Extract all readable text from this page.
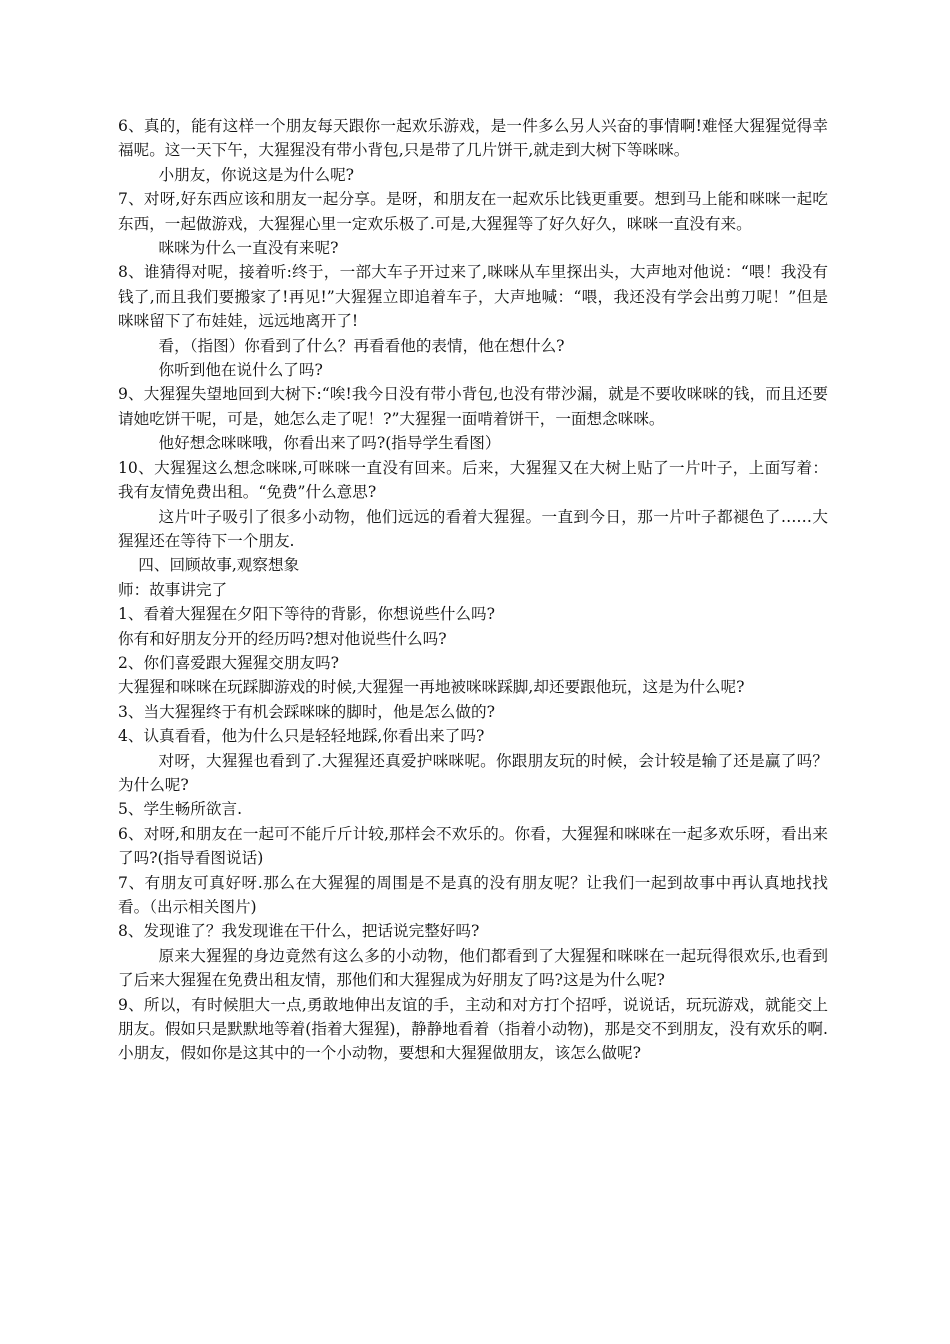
6、真的，能有这样一个朋友每天跟你一起欢乐游戏，是一件多么另人兴奋的事情啊!难怪大猩猩觉得幸福呢。这一天下午，大猩猩没有带小背包,只是带了几片饼干,就走到大树下等咪咪。

小朋友，你说这是为什么呢?

7、对呀,好东西应该和朋友一起分享。是呀，和朋友在一起欢乐比钱更重要。想到马上能和咪咪一起吃东西，一起做游戏，大猩猩心里一定欢乐极了.可是,大猩猩等了好久好久，咪咪一直没有来。

咪咪为什么一直没有来呢?

8、谁猜得对呢，接着听:终于，一部大车子开过来了,咪咪从车里探出头，大声地对他说：“喂！我没有钱了,而且我们要搬家了!再见!”大猩猩立即追着车子，大声地喊：“喂，我还没有学会出剪刀呢！”但是咪咪留下了布娃娃，远远地离开了!

看，（指图）你看到了什么？再看看他的表情，他在想什么?

你听到他在说什么了吗?

9、大猩猩失望地回到大树下:“唉!我今日没有带小背包,也没有带沙漏，就是不要收咪咪的钱，而且还要请她吃饼干呢，可是，她怎么走了呢！?”大猩猩一面啃着饼干，一面想念咪咪。

他好想念咪咪哦，你看出来了吗?(指导学生看图）

10、大猩猩这么想念咪咪,可咪咪一直没有回来。后来，大猩猩又在大树上贴了一片叶子，上面写着：我有友情免费出租。“免费”什么意思?

这片叶子吸引了很多小动物，他们远远的看着大猩猩。一直到今日，那一片叶子都褪色了……大猩猩还在等待下一个朋友.

四、回顾故事,观察想象

师：故事讲完了

1、看着大猩猩在夕阳下等待的背影，你想说些什么吗?

你有和好朋友分开的经历吗?想对他说些什么吗?

2、你们喜爱跟大猩猩交朋友吗?

大猩猩和咪咪在玩踩脚游戏的时候,大猩猩一再地被咪咪踩脚,却还要跟他玩，这是为什么呢?

3、当大猩猩终于有机会踩咪咪的脚时，他是怎么做的?

4、认真看看，他为什么只是轻轻地踩,你看出来了吗?

对呀，大猩猩也看到了.大猩猩还真爱护咪咪呢。你跟朋友玩的时候，会计较是输了还是赢了吗？为什么呢?

5、学生畅所欲言.

6、对呀,和朋友在一起可不能斤斤计较,那样会不欢乐的。你看，大猩猩和咪咪在一起多欢乐呀，看出来了吗?(指导看图说话)

7、有朋友可真好呀.那么在大猩猩的周围是不是真的没有朋友呢？让我们一起到故事中再认真地找找看。（出示相关图片)

8、发现谁了？我发现谁在干什么，把话说完整好吗?

原来大猩猩的身边竟然有这么多的小动物，他们都看到了大猩猩和咪咪在一起玩得很欢乐,也看到了后来大猩猩在免费出租友情，那他们和大猩猩成为好朋友了吗?这是为什么呢?

9、所以，有时候胆大一点,勇敢地伸出友谊的手，主动和对方打个招呼，说说话，玩玩游戏，就能交上朋友。假如只是默默地等着(指着大猩猩)，静静地看着（指着小动物)，那是交不到朋友，没有欢乐的啊.小朋友，假如你是这其中的一个小动物，要想和大猩猩做朋友，该怎么做呢?
